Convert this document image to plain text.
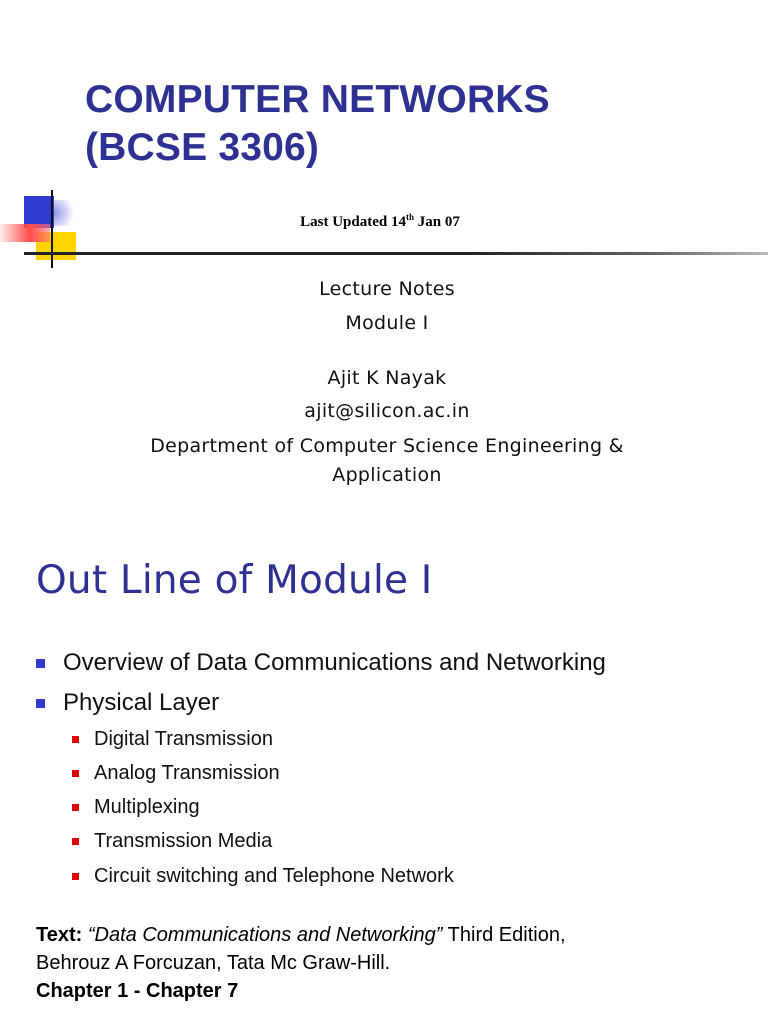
COMPUTER NETWORKS
(BCSE 3306)
Last Updated 14th Jan 07
Lecture Notes
Module I
Ajit K Nayak
ajit@silicon.ac.in
Department of Computer Science Engineering &
Application
Out Line of Module I
Overview of Data Communications and Networking
Physical Layer
Digital Transmission
Analog Transmission
Multiplexing
Transmission Media
Circuit switching and Telephone Network
Text: “Data Communications and Networking” Third Edition,
Behrouz A Forcuzan, Tata Mc Graw-Hill.
Chapter 1 - Chapter 7
